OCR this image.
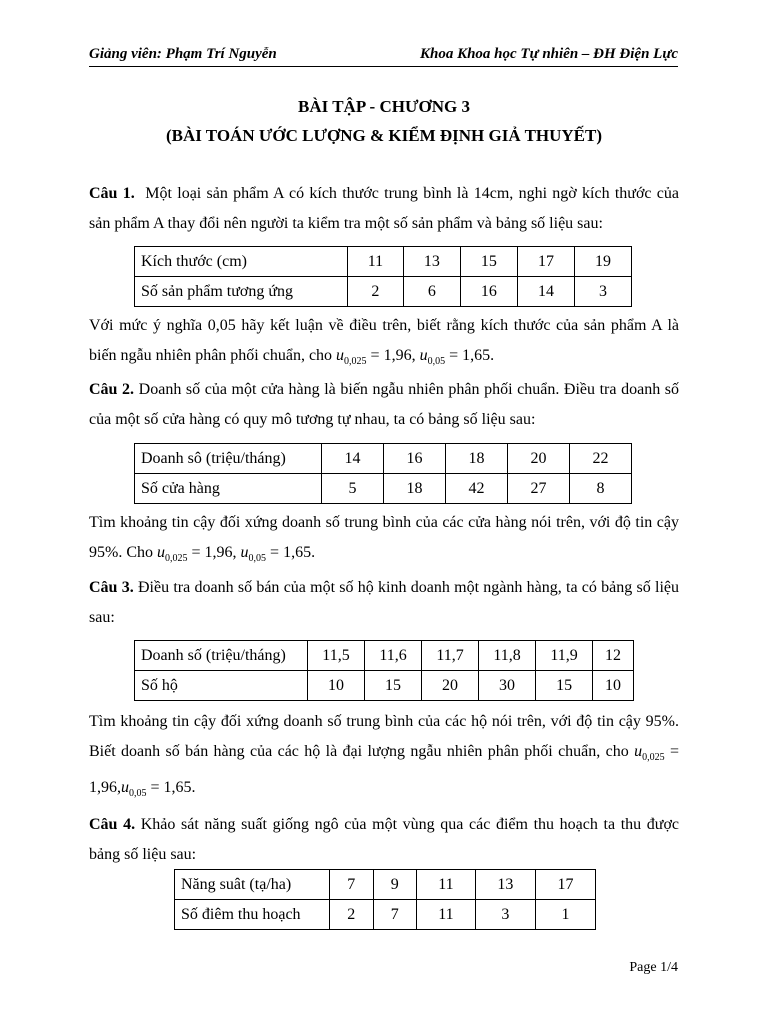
Giảng viên: Phạm Trí Nguyễn	Khoa Khoa học Tự nhiên – ĐH Điện Lực
BÀI TẬP - CHƯƠNG 3
(BÀI TOÁN ƯỚC LƯỢNG & KIỂM ĐỊNH GIẢ THUYẾT)
Câu 1. Một loại sản phẩm A có kích thước trung bình là 14cm, nghi ngờ kích thước của sản phẩm A thay đổi nên người ta kiểm tra một số sản phẩm và bảng số liệu sau:
Kích thước (cm)	11	13	15	17	19
Số sản phẩm tương ứng	2	6	16	14	3
Với mức ý nghĩa 0,05 hãy kết luận về điều trên, biết rằng kích thước của sản phẩm A là biến ngẫu nhiên phân phối chuẩn, cho $u_{0,025} = 1,96$, $u_{0,05} = 1,65$.
Câu 2. Doanh số của một cửa hàng là biến ngẫu nhiên phân phối chuẩn. Điều tra doanh số của một số cửa hàng có quy mô tương tự nhau, ta có bảng số liệu sau:
Doanh sô (triệu/tháng)	14	16	18	20	22
Số cửa hàng	5	18	42	27	8
Tìm khoảng tin cậy đối xứng doanh số trung bình của các cửa hàng nói trên, với độ tin cậy 95%. Cho $u_{0,025} = 1,96$, $u_{0,05} = 1,65$.
Câu 3. Điều tra doanh số bán của một số hộ kinh doanh một ngành hàng, ta có bảng số liệu sau:
Doanh số (triệu/tháng)	11,5	11,6	11,7	11,8	11,9	12
Số hộ	10	15	20	30	15	10
Tìm khoảng tin cậy đối xứng doanh số trung bình của các hộ nói trên, với độ tin cậy 95%. Biết doanh số bán hàng của các hộ là đại lượng ngẫu nhiên phân phối chuẩn, cho $u_{0,025} = 1,96,u_{0,05} = 1,65$.
Câu 4. Khảo sát năng suất giống ngô của một vùng qua các điểm thu hoạch ta thu được bảng số liệu sau:
Năng suât (tạ/ha)	7	9	11	13	17
Số điêm thu hoạch	2	7	11	3	1
Page 1/4
